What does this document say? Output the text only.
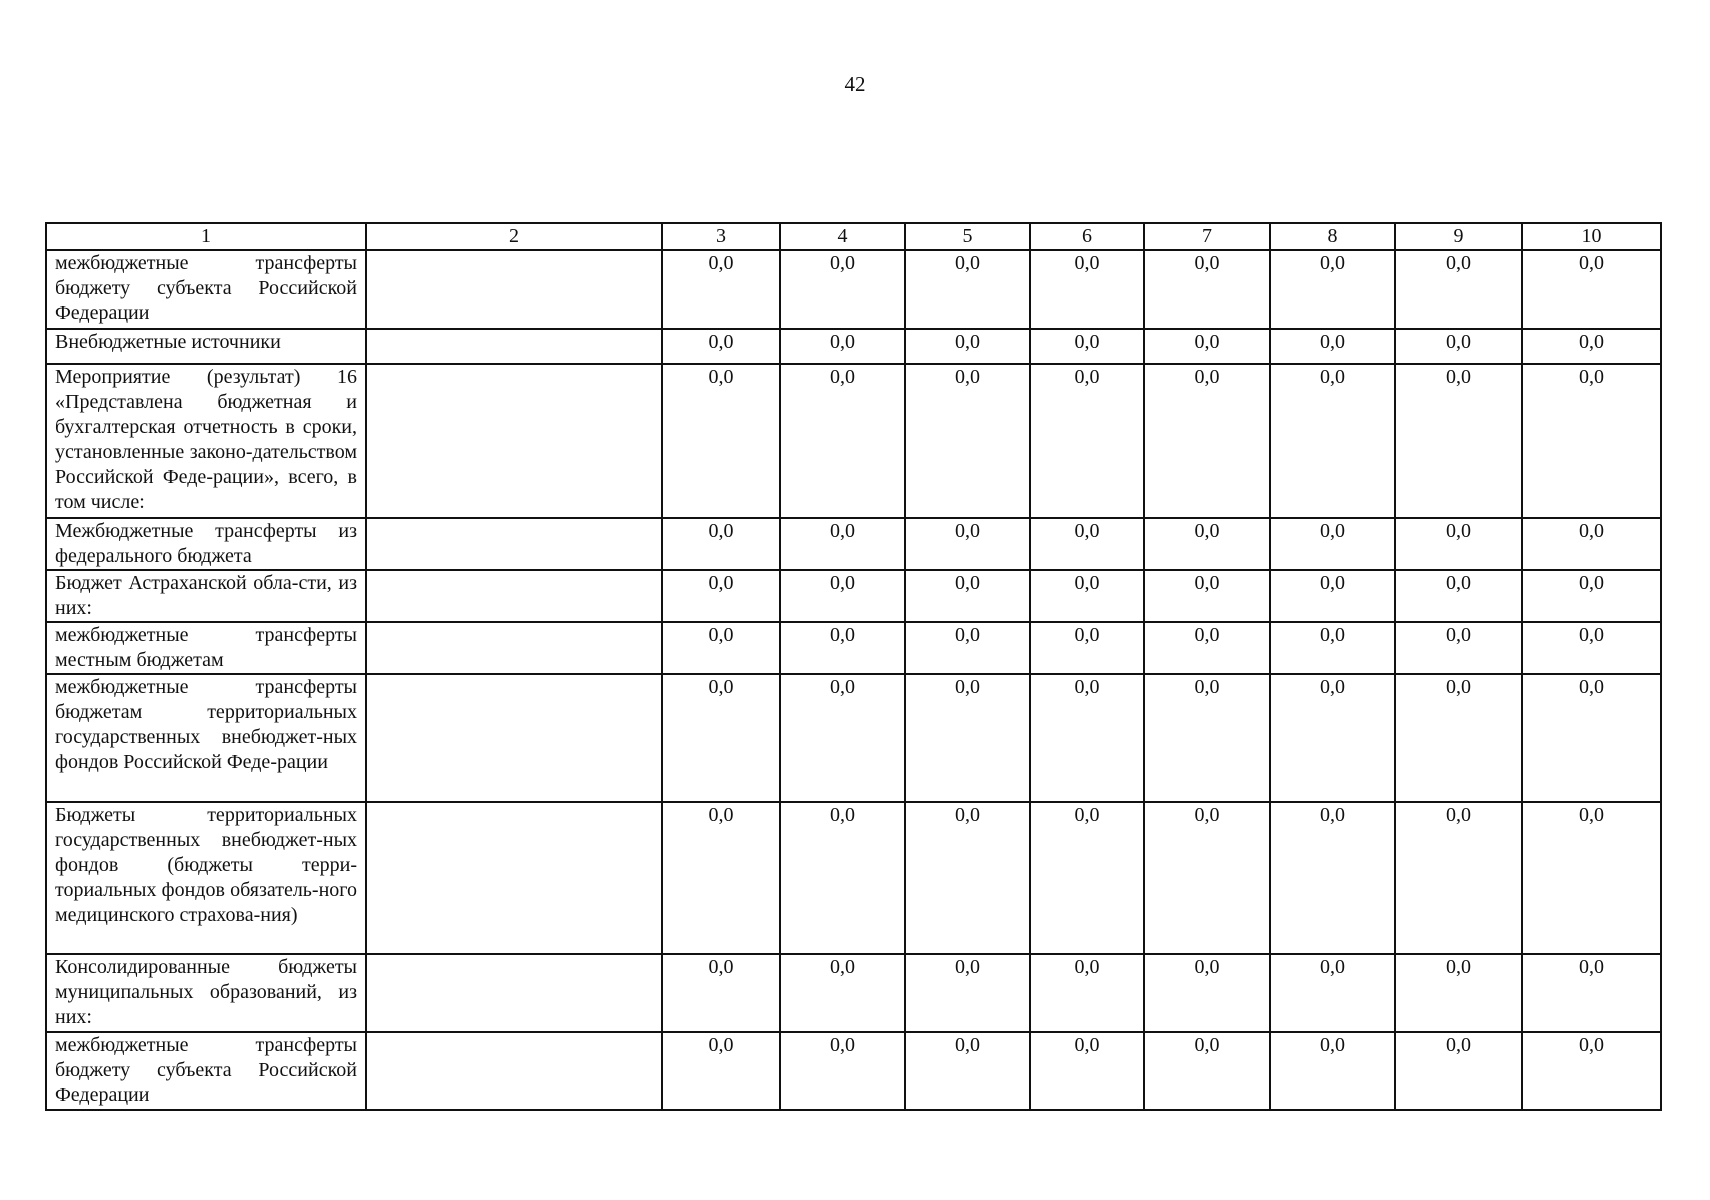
42
1	2	3	4	5	6	7	8	9	10
межбюджетные трансферты бюджету субъекта Российской Федерации		0,0	0,0	0,0	0,0	0,0	0,0	0,0	0,0
Внебюджетные источники		0,0	0,0	0,0	0,0	0,0	0,0	0,0	0,0
Мероприятие (результат) 16 «Представлена бюджетная и бухгалтерская отчетность в сроки, установленные законо-дательством Российской Феде-рации», всего, в том числе:		0,0	0,0	0,0	0,0	0,0	0,0	0,0	0,0
Межбюджетные трансферты из федерального бюджета		0,0	0,0	0,0	0,0	0,0	0,0	0,0	0,0
Бюджет Астраханской обла-сти, из них:		0,0	0,0	0,0	0,0	0,0	0,0	0,0	0,0
межбюджетные трансферты местным бюджетам		0,0	0,0	0,0	0,0	0,0	0,0	0,0	0,0
межбюджетные трансферты бюджетам территориальных государственных внебюджет-ных фондов Российской Феде-рации		0,0	0,0	0,0	0,0	0,0	0,0	0,0	0,0
Бюджеты территориальных государственных внебюджет-ных фондов (бюджеты терри-ториальных фондов обязатель-ного медицинского страхова-ния)		0,0	0,0	0,0	0,0	0,0	0,0	0,0	0,0
Консолидированные бюджеты муниципальных образований, из них:		0,0	0,0	0,0	0,0	0,0	0,0	0,0	0,0
межбюджетные трансферты бюджету субъекта Российской Федерации		0,0	0,0	0,0	0,0	0,0	0,0	0,0	0,0
